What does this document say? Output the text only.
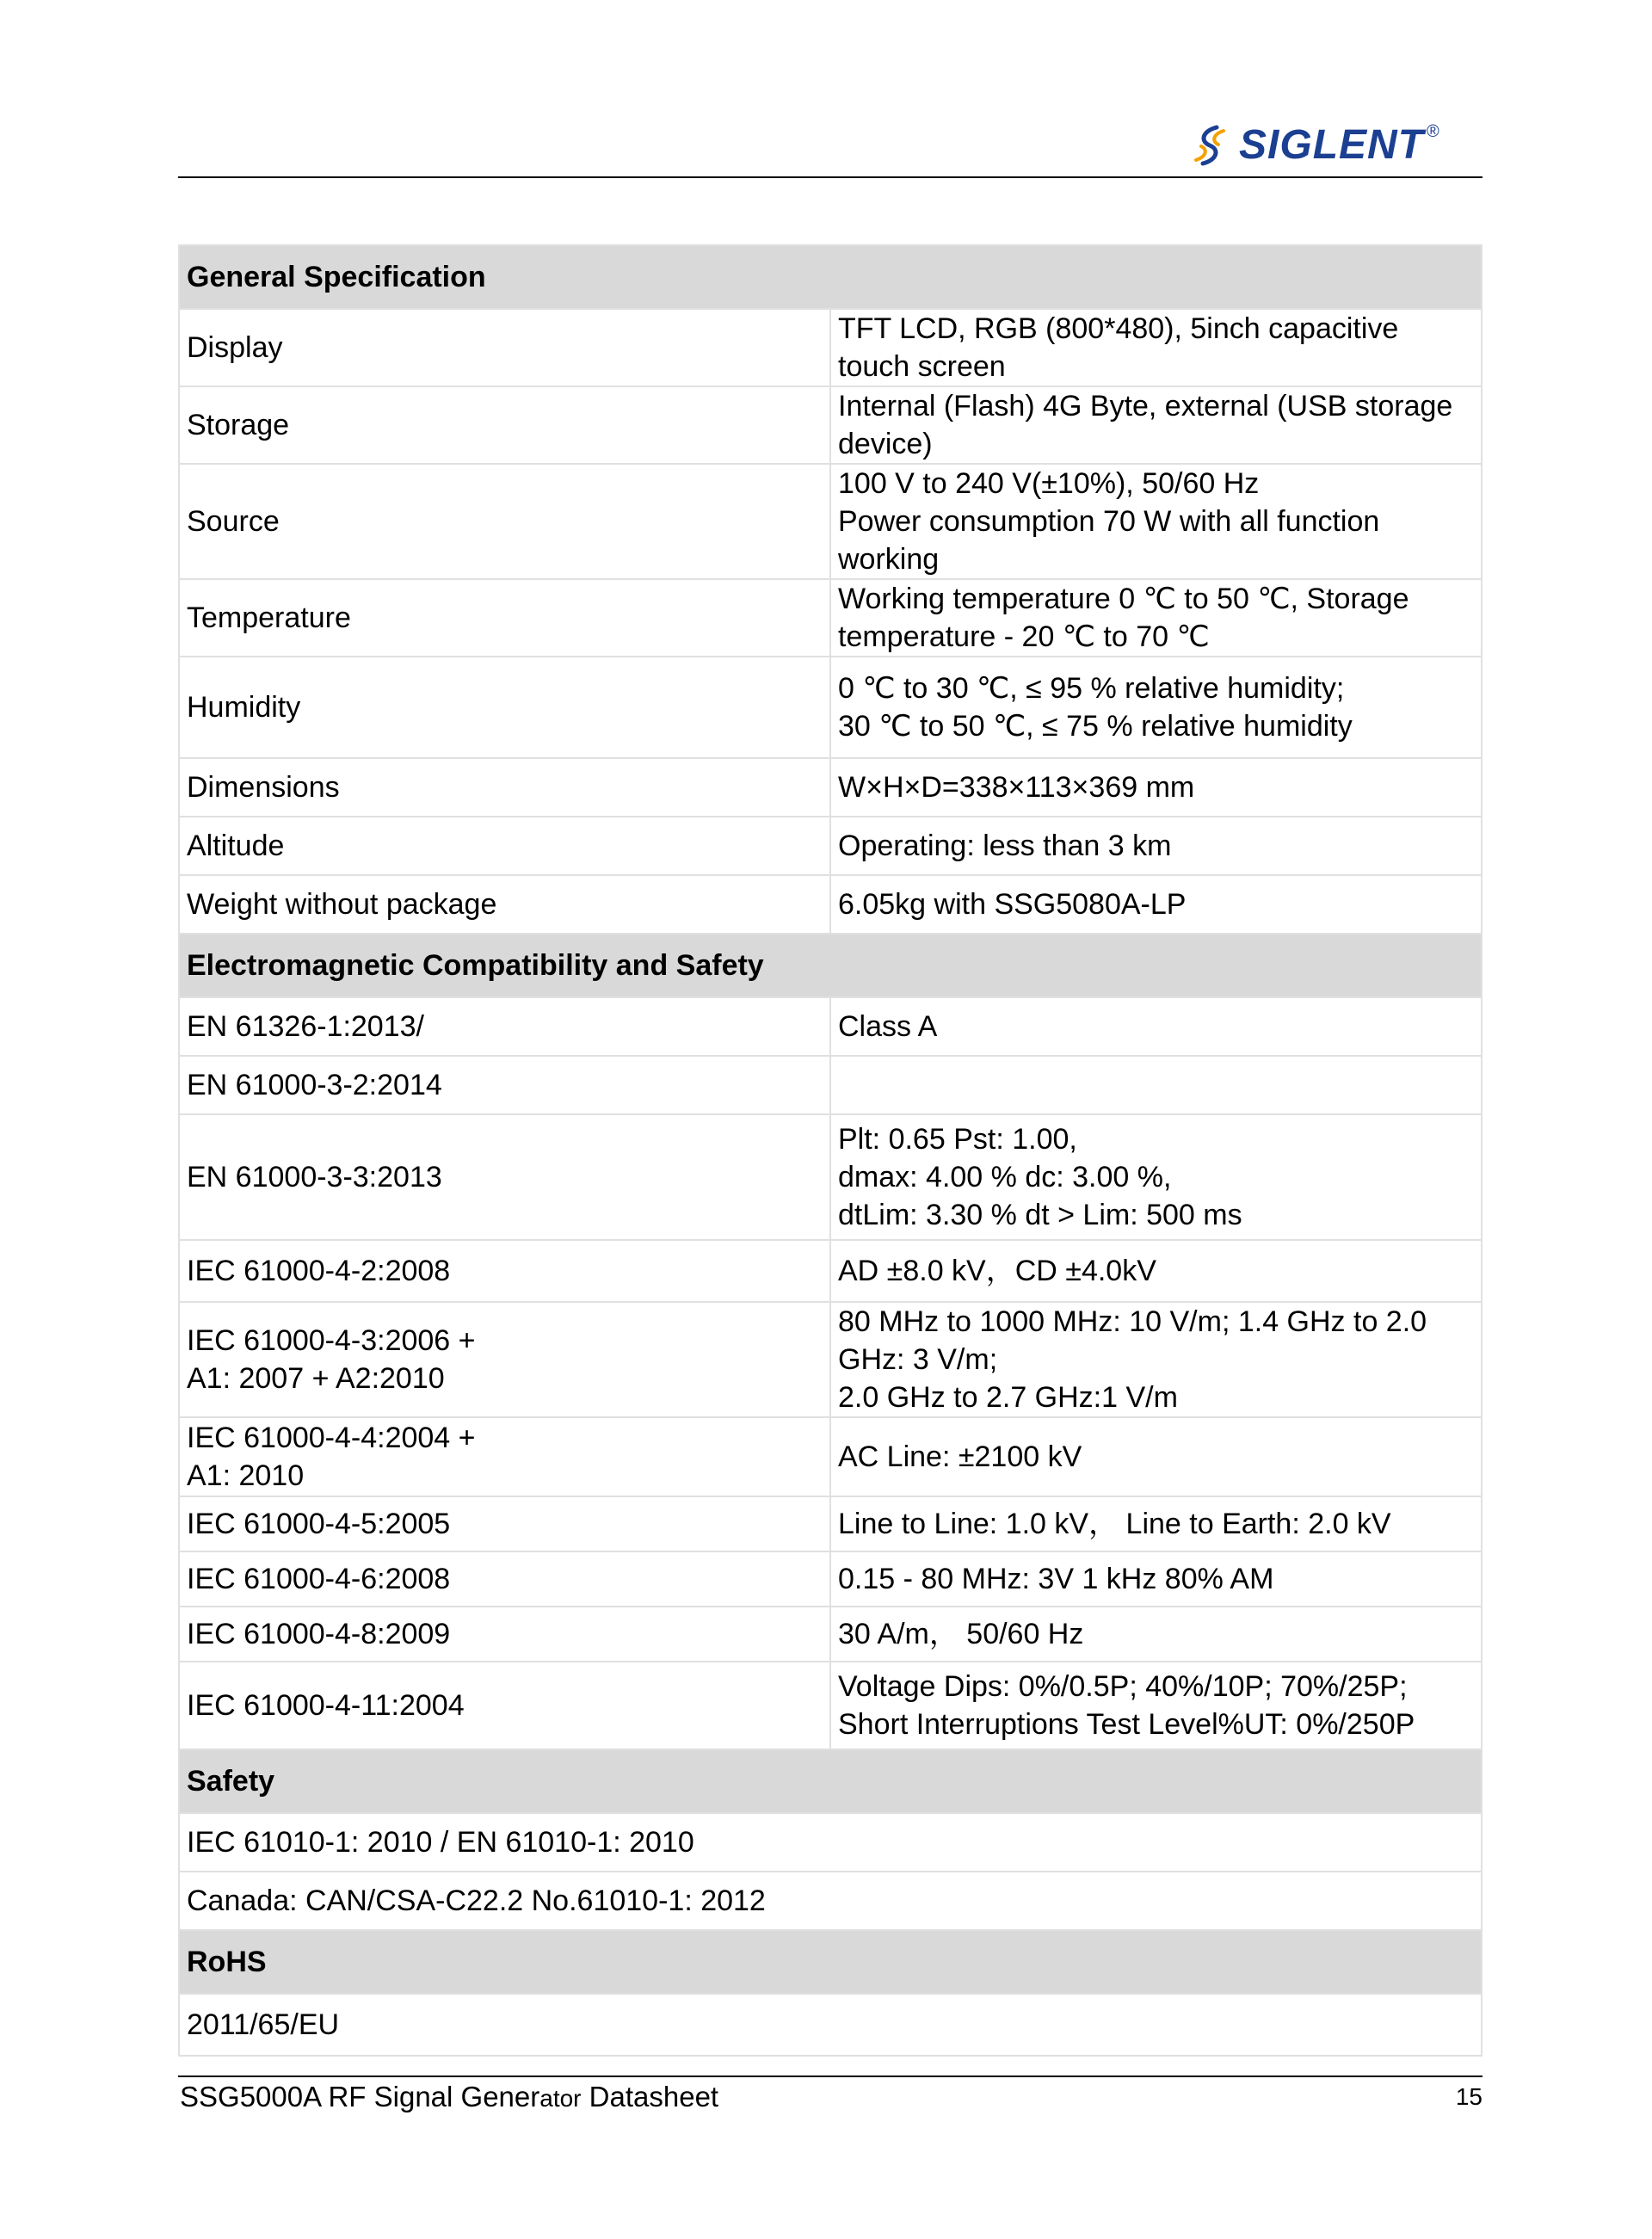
SIGLENT ®
General Specification	
Display	TFT LCD, RGB (800*480), 5inch capacitive touch screen

Storage	Internal (Flash) 4G Byte, external (USB storage device)

Source	100 V to 240 V(±10%), 50/60 Hz
Power consumption 70 W with all function working

Temperature	Working temperature 0 ℃ to 50 ℃, Storage temperature - 20 ℃ to 70 ℃

Humidity	0 ℃ to 30 ℃, ≤ 95 % relative humidity;
30 ℃ to 50 ℃, ≤ 75 % relative humidity

Dimensions	W×H×D=338×113×369 mm

Altitude	Operating: less than 3 km

Weight without package	6.05kg with SSG5080A-LP

Electromagnetic Compatibility and Safety	

EN 61326-1:2013/	Class A

EN 61000-3-2:2014	

EN 61000-3-3:2013	Plt: 0.65 Pst: 1.00,
dmax: 4.00 % dc: 3.00 %,
dtLim: 3.30 % dt > Lim: 500 ms

IEC 61000-4-2:2008	AD ±8.0 kV，CD ±4.0kV

IEC 61000-4-3:2006 +
A1: 2007 + A2:2010	80 MHz to 1000 MHz: 10 V/m; 1.4 GHz to 2.0 GHz: 3 V/m;
2.0 GHz to 2.7 GHz:1 V/m

IEC 61000-4-4:2004 +
A1: 2010	AC Line: ±2100 kV

IEC 61000-4-5:2005	Line to Line: 1.0 kV， Line to Earth: 2.0 kV

IEC 61000-4-6:2008	0.15 - 80 MHz: 3V 1 kHz 80% AM

IEC 61000-4-8:2009	30 A/m， 50/60 Hz

IEC 61000-4-11:2004	Voltage Dips: 0%/0.5P; 40%/10P; 70%/25P;
Short Interruptions Test Level%UT: 0%/250P

Safety	
IEC 61010-1: 2010 / EN 61010-1: 2010	
Canada: CAN/CSA-C22.2 No.61010-1: 2012	
RoHS	
2011/65/EU	
SSG5000A RF Signal Generator Datasheet	15
